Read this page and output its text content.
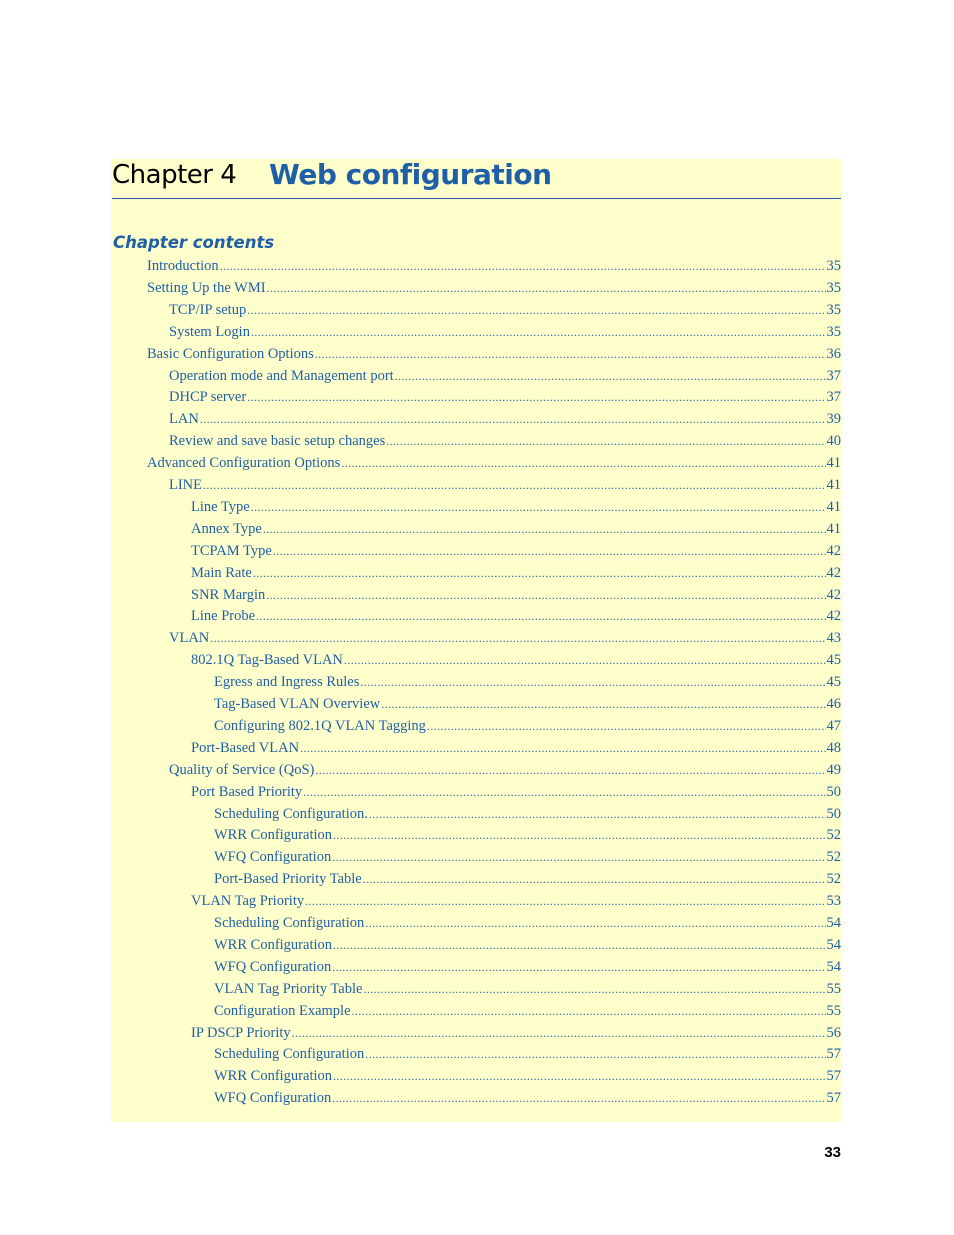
Chapter 4 Web configuration
Chapter contents
Introduction .....	35
Setting Up the WMI .....	35
TCP/IP setup .....	35
System Login .....	35
Basic Configuration Options .....	36
Operation mode and Management port .....	37
DHCP server .....	37
LAN .....	39
Review and save basic setup changes .....	40
Advanced Configuration Options .....	41
LINE .....	41
Line Type .....	41
Annex Type .....	41
TCPAM Type .....	42
Main Rate .....	42
SNR Margin .....	42
Line Probe .....	42
VLAN .....	43
802.1Q Tag-Based VLAN .....	45
Egress and Ingress Rules .....	45
Tag-Based VLAN Overview .....	46
Configuring 802.1Q VLAN Tagging .....	47
Port-Based VLAN .....	48
Quality of Service (QoS) .....	49
Port Based Priority .....	50
Scheduling Configuration. .....	50
WRR Configuration .....	52
WFQ Configuration .....	52
Port-Based Priority Table .....	52
VLAN Tag Priority .....	53
Scheduling Configuration .....	54
WRR Configuration .....	54
WFQ Configuration .....	54
VLAN Tag Priority Table .....	55
Configuration Example .....	55
IP DSCP Priority .....	56
Scheduling Configuration .....	57
WRR Configuration .....	57
WFQ Configuration .....	57
33
